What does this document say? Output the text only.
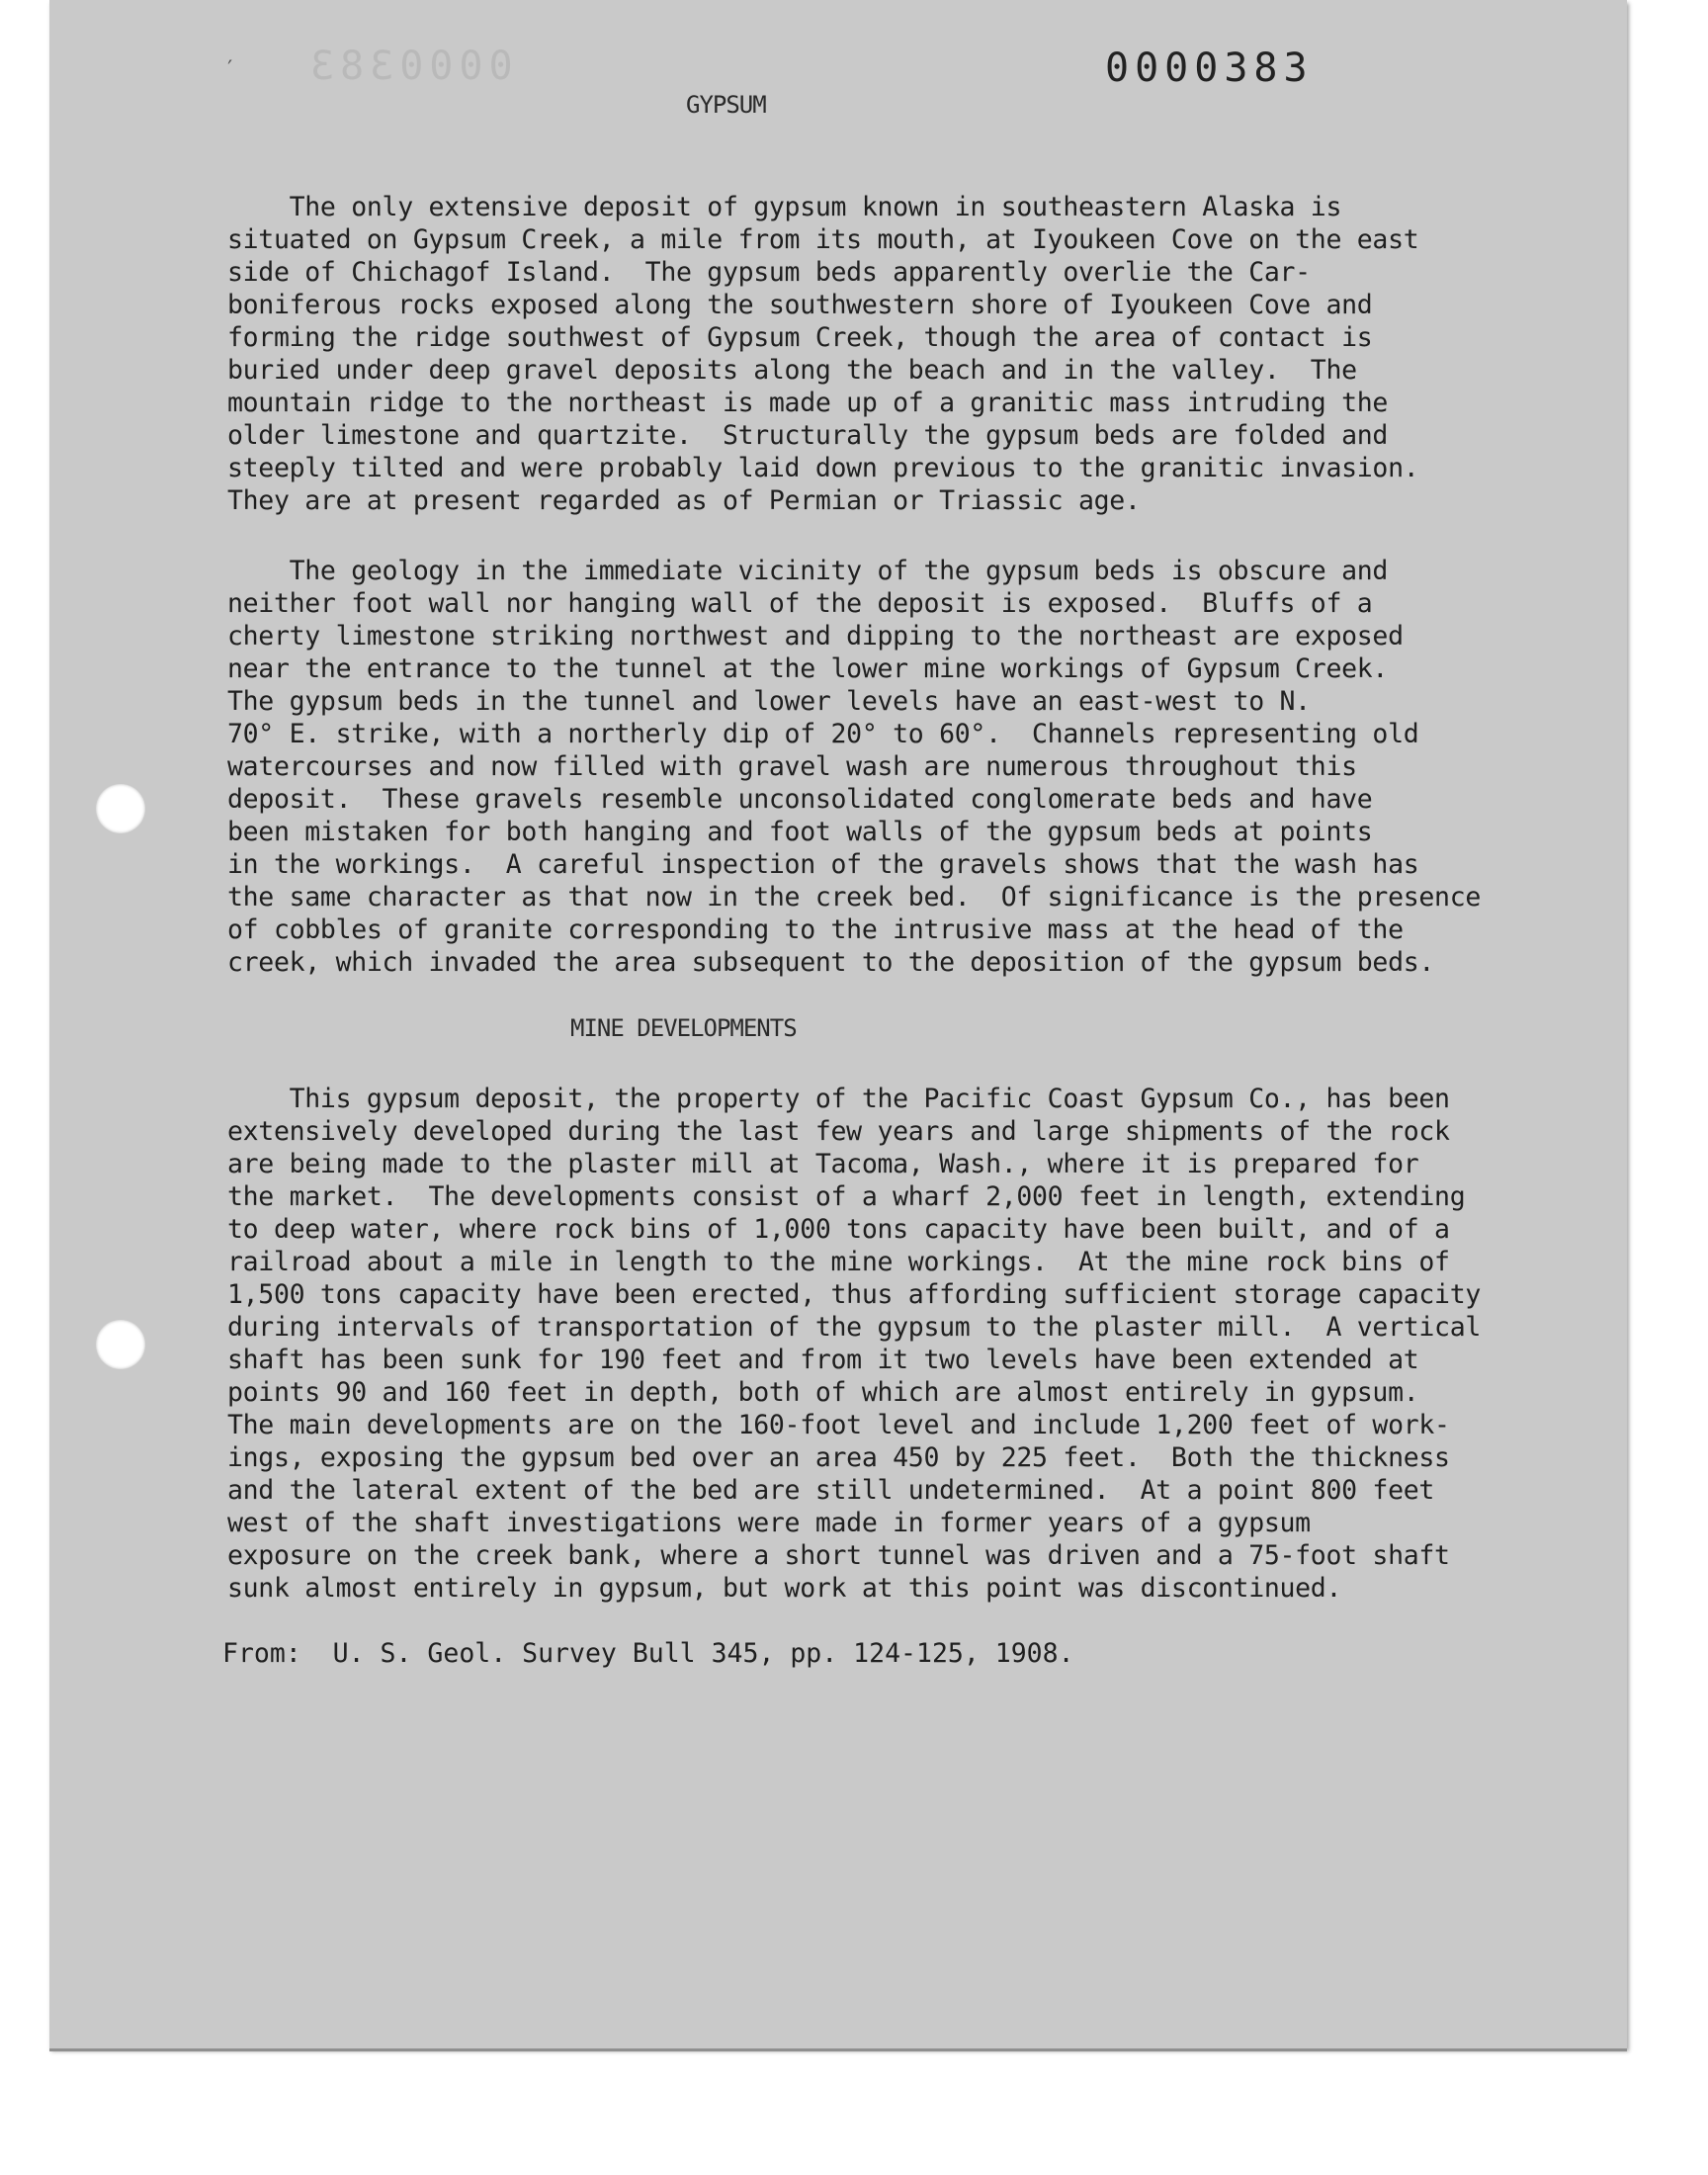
′ 0000383	0000383
GYPSUM
The only extensive deposit of gypsum known in southeastern Alaska is
situated on Gypsum Creek, a mile from its mouth, at Iyoukeen Cove on the east
side of Chichagof Island.  The gypsum beds apparently overlie the Car-
boniferous rocks exposed along the southwestern shore of Iyoukeen Cove and
forming the ridge southwest of Gypsum Creek, though the area of contact is
buried under deep gravel deposits along the beach and in the valley.  The
mountain ridge to the northeast is made up of a granitic mass intruding the
older limestone and quartzite.  Structurally the gypsum beds are folded and
steeply tilted and were probably laid down previous to the granitic invasion.
They are at present regarded as of Permian or Triassic age.
The geology in the immediate vicinity of the gypsum beds is obscure and
neither foot wall nor hanging wall of the deposit is exposed.  Bluffs of a
cherty limestone striking northwest and dipping to the northeast are exposed
near the entrance to the tunnel at the lower mine workings of Gypsum Creek.
The gypsum beds in the tunnel and lower levels have an east-west to N.
70° E. strike, with a northerly dip of 20° to 60°.  Channels representing old
watercourses and now filled with gravel wash are numerous throughout this
deposit.  These gravels resemble unconsolidated conglomerate beds and have
been mistaken for both hanging and foot walls of the gypsum beds at points
in the workings.  A careful inspection of the gravels shows that the wash has
the same character as that now in the creek bed.  Of significance is the presence
of cobbles of granite corresponding to the intrusive mass at the head of the
creek, which invaded the area subsequent to the deposition of the gypsum beds.
MINE DEVELOPMENTS
This gypsum deposit, the property of the Pacific Coast Gypsum Co., has been
extensively developed during the last few years and large shipments of the rock
are being made to the plaster mill at Tacoma, Wash., where it is prepared for
the market.  The developments consist of a wharf 2,000 feet in length, extending
to deep water, where rock bins of 1,000 tons capacity have been built, and of a
railroad about a mile in length to the mine workings.  At the mine rock bins of
1,500 tons capacity have been erected, thus affording sufficient storage capacity
during intervals of transportation of the gypsum to the plaster mill.  A vertical
shaft has been sunk for 190 feet and from it two levels have been extended at
points 90 and 160 feet in depth, both of which are almost entirely in gypsum.
The main developments are on the 160-foot level and include 1,200 feet of work-
ings, exposing the gypsum bed over an area 450 by 225 feet.  Both the thickness
and the lateral extent of the bed are still undetermined.  At a point 800 feet
west of the shaft investigations were made in former years of a gypsum
exposure on the creek bank, where a short tunnel was driven and a 75-foot shaft
sunk almost entirely in gypsum, but work at this point was discontinued.
From:  U. S. Geol. Survey Bull 345, pp. 124-125, 1908.
